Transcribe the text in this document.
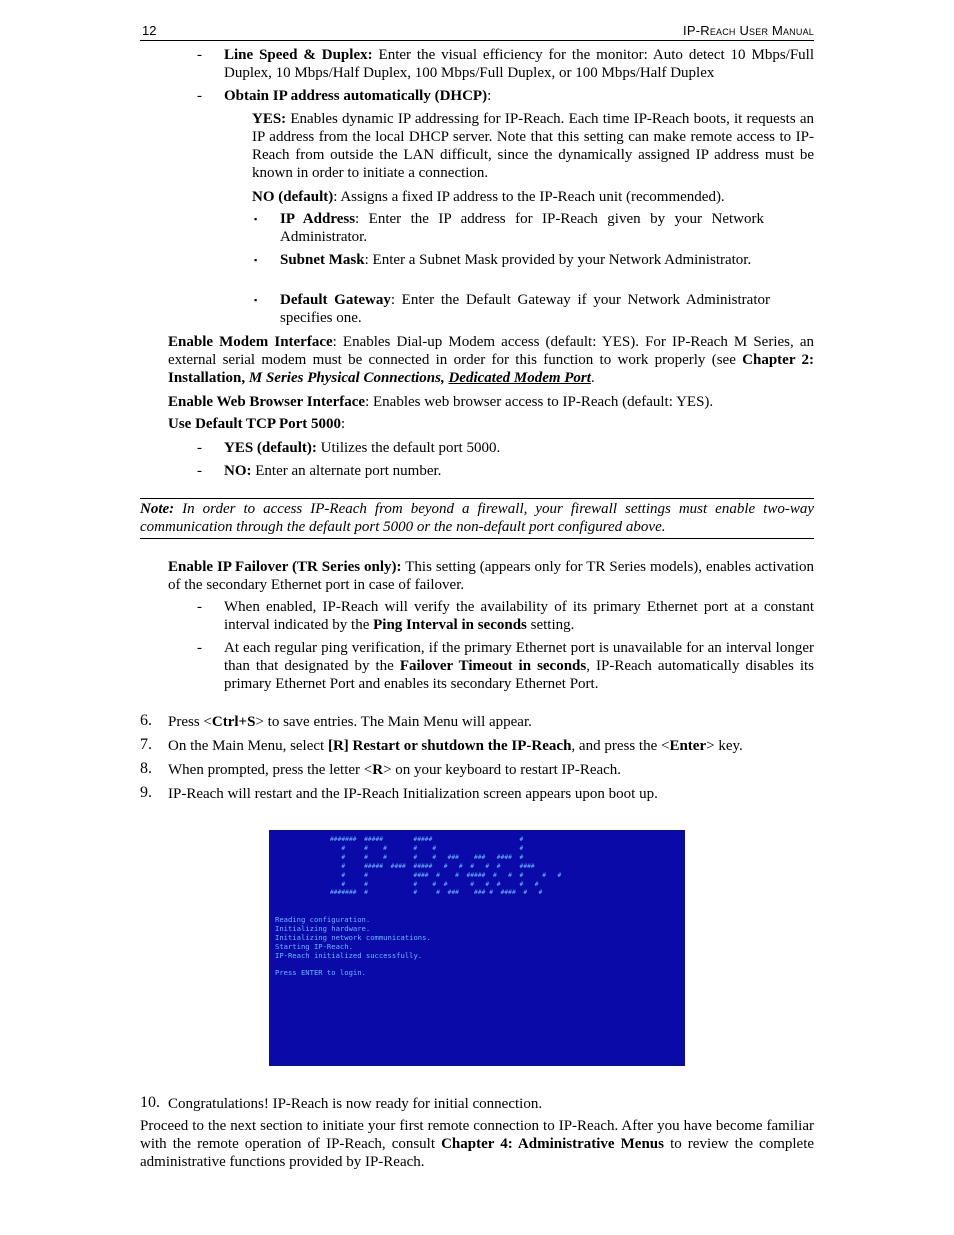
12	IP-Reach User Manual
- Line Speed & Duplex: Enter the visual efficiency for the monitor: Auto detect 10 Mbps/Full
Duplex, 10 Mbps/Half Duplex, 100 Mbps/Full Duplex, or 100 Mbps/Half Duplex
- Obtain IP address automatically (DHCP):
YES: Enables dynamic IP addressing for IP-Reach. Each time IP-Reach boots, it requests an IP address from the local DHCP server. Note that this setting can make remote access to IP-Reach from outside the LAN difficult, since the dynamically assigned IP address must be known in order to initiate a connection.
NO (default): Assigns a fixed IP address to the IP-Reach unit (recommended).
▪ IP Address: Enter the IP address for IP-Reach given by your Network Administrator.
▪ Subnet Mask: Enter a Subnet Mask provided by your Network Administrator.
▪ Default Gateway: Enter the Default Gateway if your Network Administrator specifies one.
Enable Modem Interface: Enables Dial-up Modem access (default: YES). For IP-Reach M Series, an external serial modem must be connected in order for this function to work properly (see Chapter 2: Installation, M Series Physical Connections, Dedicated Modem Port.
Enable Web Browser Interface: Enables web browser access to IP-Reach (default: YES).
Use Default TCP Port 5000:
- YES (default): Utilizes the default port 5000.
- NO: Enter an alternate port number.
Note: In order to access IP-Reach from beyond a firewall, your firewall settings must enable two-way communication through the default port 5000 or the non-default port configured above.
Enable IP Failover (TR Series only): This setting (appears only for TR Series models), enables activation of the secondary Ethernet port in case of failover.
- When enabled, IP-Reach will verify the availability of its primary Ethernet port at a constant interval indicated by the Ping Interval in seconds setting.
- At each regular ping verification, if the primary Ethernet port is unavailable for an interval longer than that designated by the Failover Timeout in seconds, IP-Reach automatically disables its primary Ethernet Port and enables its secondary Ethernet Port.
6. Press <Ctrl+S> to save entries. The Main Menu will appear.
7. On the Main Menu, select [R] Restart or shutdown the IP-Reach, and press the <Enter> key.
8. When prompted, press the letter <R> on your keyboard to restart IP-Reach.
9. IP-Reach will restart and the IP-Reach Initialization screen appears upon boot up.
#######  #####        #####                       #
#     #    #       #    #                      #
#     #    #       #    #   ###    ###   ####  #
#     #####  ####  #####   #   #  #   #  #     ####
#     #            ####  #    #  #####  #   #  #     #   #
#     #            #    #  #      #   #  #     #   #
#######  #            #     #  ###    ### #  ####  #   #
Reading configuration.
Initializing hardware.
Initializing network communications.
Starting IP-Reach.
IP-Reach initialized successfully.

Press ENTER to login.
10. Congratulations! IP-Reach is now ready for initial connection.
Proceed to the next section to initiate your first remote connection to IP-Reach. After you have become familiar with the remote operation of IP-Reach, consult Chapter 4: Administrative Menus to review the complete administrative functions provided by IP-Reach.
